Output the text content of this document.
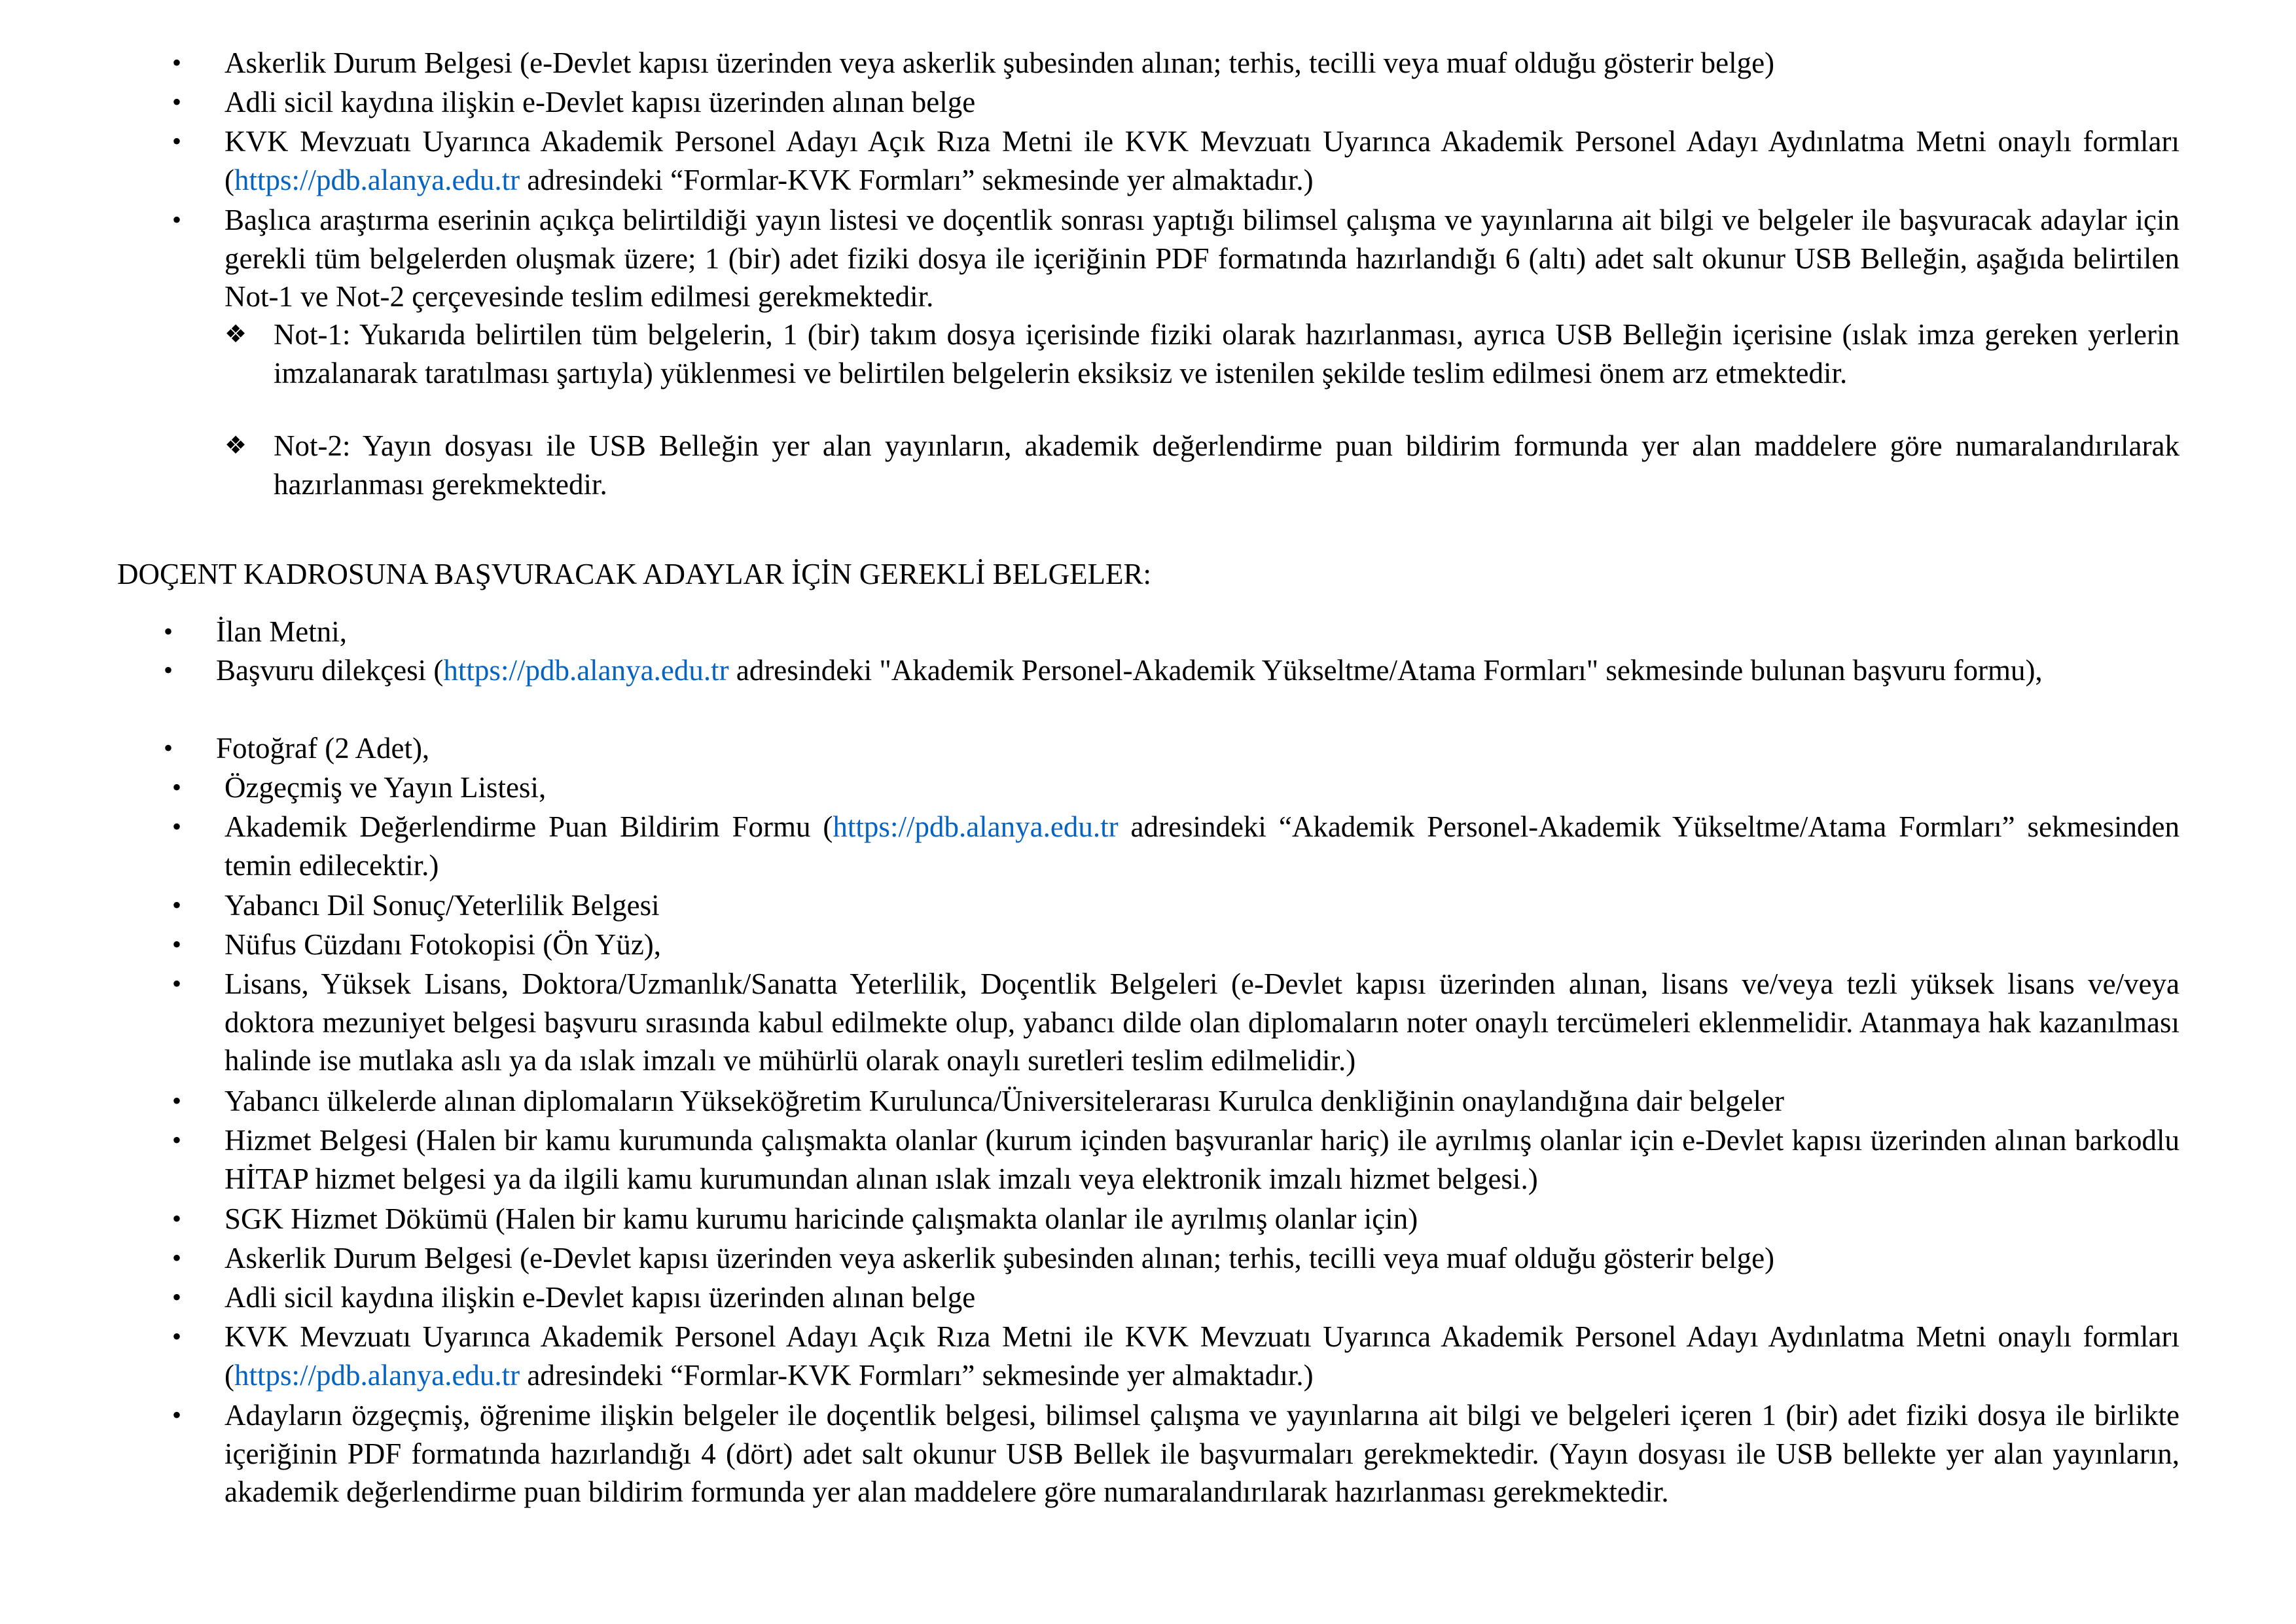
•	Askerlik Durum Belgesi (e-Devlet kapısı üzerinden veya askerlik şubesinden alınan; terhis, tecilli veya muaf olduğu gösterir belge)
•	Adli sicil kaydına ilişkin e-Devlet kapısı üzerinden alınan belge
•	KVK Mevzuatı Uyarınca Akademik Personel Adayı Açık Rıza Metni ile KVK Mevzuatı Uyarınca Akademik Personel Adayı Aydınlatma Metni onaylı formları (https://pdb.alanya.edu.tr adresindeki “Formlar-KVK Formları” sekmesinde yer almaktadır.)
•	Başlıca araştırma eserinin açıkça belirtildiği yayın listesi ve doçentlik sonrası yaptığı bilimsel çalışma ve yayınlarına ait bilgi ve belgeler ile başvuracak adaylar için gerekli tüm belgelerden oluşmak üzere; 1 (bir) adet fiziki dosya ile içeriğinin PDF formatında hazırlandığı 6 (altı) adet salt okunur USB Belleğin, aşağıda belirtilen Not-1 ve Not-2 çerçevesinde teslim edilmesi gerekmektedir.
❖ Not-1: Yukarıda belirtilen tüm belgelerin, 1 (bir) takım dosya içerisinde fiziki olarak hazırlanması, ayrıca USB Belleğin içerisine (ıslak imza gereken yerlerin imzalanarak taratılması şartıyla) yüklenmesi ve belirtilen belgelerin eksiksiz ve istenilen şekilde teslim edilmesi önem arz etmektedir.
❖ Not-2: Yayın dosyası ile USB Belleğin yer alan yayınların, akademik değerlendirme puan bildirim formunda yer alan maddelere göre numaralandırılarak hazırlanması gerekmektedir.
DOÇENT KADROSUNA BAŞVURACAK ADAYLAR İÇİN GEREKLİ BELGELER:
•	İlan Metni,
•	Başvuru dilekçesi (https://pdb.alanya.edu.tr adresindeki "Akademik Personel-Akademik Yükseltme/Atama Formları" sekmesinde bulunan başvuru formu),
•	Fotoğraf (2 Adet),
•	Özgeçmiş ve Yayın Listesi,
•	Akademik Değerlendirme Puan Bildirim Formu (https://pdb.alanya.edu.tr adresindeki “Akademik Personel-Akademik Yükseltme/Atama Formları” sekmesinden temin edilecektir.)
•	Yabancı Dil Sonuç/Yeterlilik Belgesi
•	Nüfus Cüzdanı Fotokopisi (Ön Yüz),
•	Lisans, Yüksek Lisans, Doktora/Uzmanlık/Sanatta Yeterlilik, Doçentlik Belgeleri (e-Devlet kapısı üzerinden alınan, lisans ve/veya tezli yüksek lisans ve/veya doktora mezuniyet belgesi başvuru sırasında kabul edilmekte olup, yabancı dilde olan diplomaların noter onaylı tercümeleri eklenmelidir. Atanmaya hak kazanılması halinde ise mutlaka aslı ya da ıslak imzalı ve mühürlü olarak onaylı suretleri teslim edilmelidir.)
•	Yabancı ülkelerde alınan diplomaların Yükseköğretim Kurulunca/Üniversitelerarası Kurulca denkliğinin onaylandığına dair belgeler
•	Hizmet Belgesi (Halen bir kamu kurumunda çalışmakta olanlar (kurum içinden başvuranlar hariç) ile ayrılmış olanlar için e-Devlet kapısı üzerinden alınan barkodlu HİTAP hizmet belgesi ya da ilgili kamu kurumundan alınan ıslak imzalı veya elektronik imzalı hizmet belgesi.)
•	SGK Hizmet Dökümü (Halen bir kamu kurumu haricinde çalışmakta olanlar ile ayrılmış olanlar için)
•	Askerlik Durum Belgesi (e-Devlet kapısı üzerinden veya askerlik şubesinden alınan; terhis, tecilli veya muaf olduğu gösterir belge)
•	Adli sicil kaydına ilişkin e-Devlet kapısı üzerinden alınan belge
•	KVK Mevzuatı Uyarınca Akademik Personel Adayı Açık Rıza Metni ile KVK Mevzuatı Uyarınca Akademik Personel Adayı Aydınlatma Metni onaylı formları (https://pdb.alanya.edu.tr adresindeki “Formlar-KVK Formları” sekmesinde yer almaktadır.)
•	Adayların özgeçmiş, öğrenime ilişkin belgeler ile doçentlik belgesi, bilimsel çalışma ve yayınlarına ait bilgi ve belgeleri içeren 1 (bir) adet fiziki dosya ile birlikte içeriğinin PDF formatında hazırlandığı 4 (dört) adet salt okunur USB Bellek ile başvurmaları gerekmektedir. (Yayın dosyası ile USB bellekte yer alan yayınların, akademik değerlendirme puan bildirim formunda yer alan maddelere göre numaralandırılarak hazırlanması gerekmektedir.
